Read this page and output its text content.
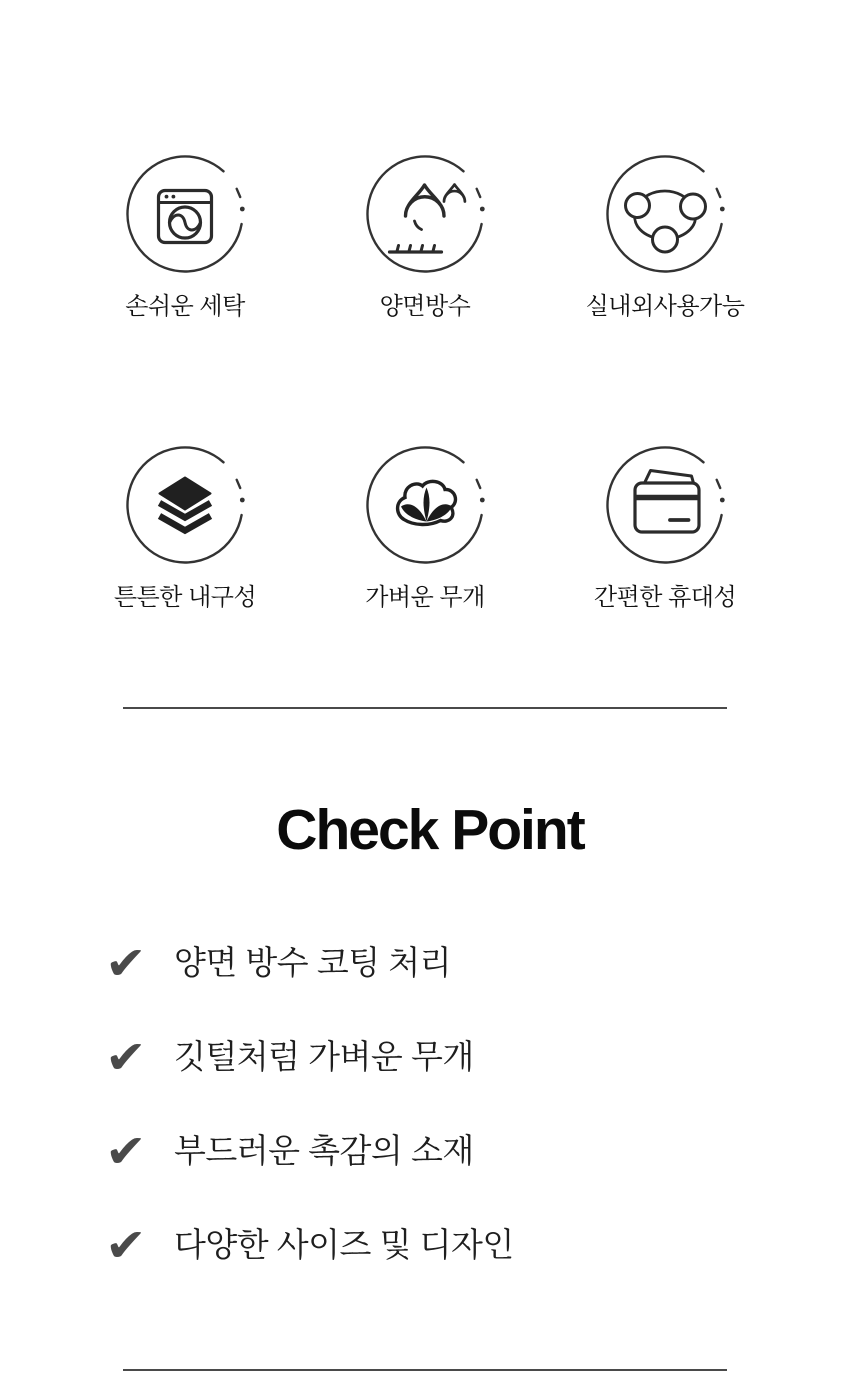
손쉬운 세탁	양면방수	실내외사용가능
튼튼한 내구성	가벼운 무개	간편한 휴대성
Check Point
✔ 양면 방수 코팅 처리
✔ 깃털처럼 가벼운 무개
✔ 부드러운 촉감의 소재
✔ 다양한 사이즈 및 디자인
